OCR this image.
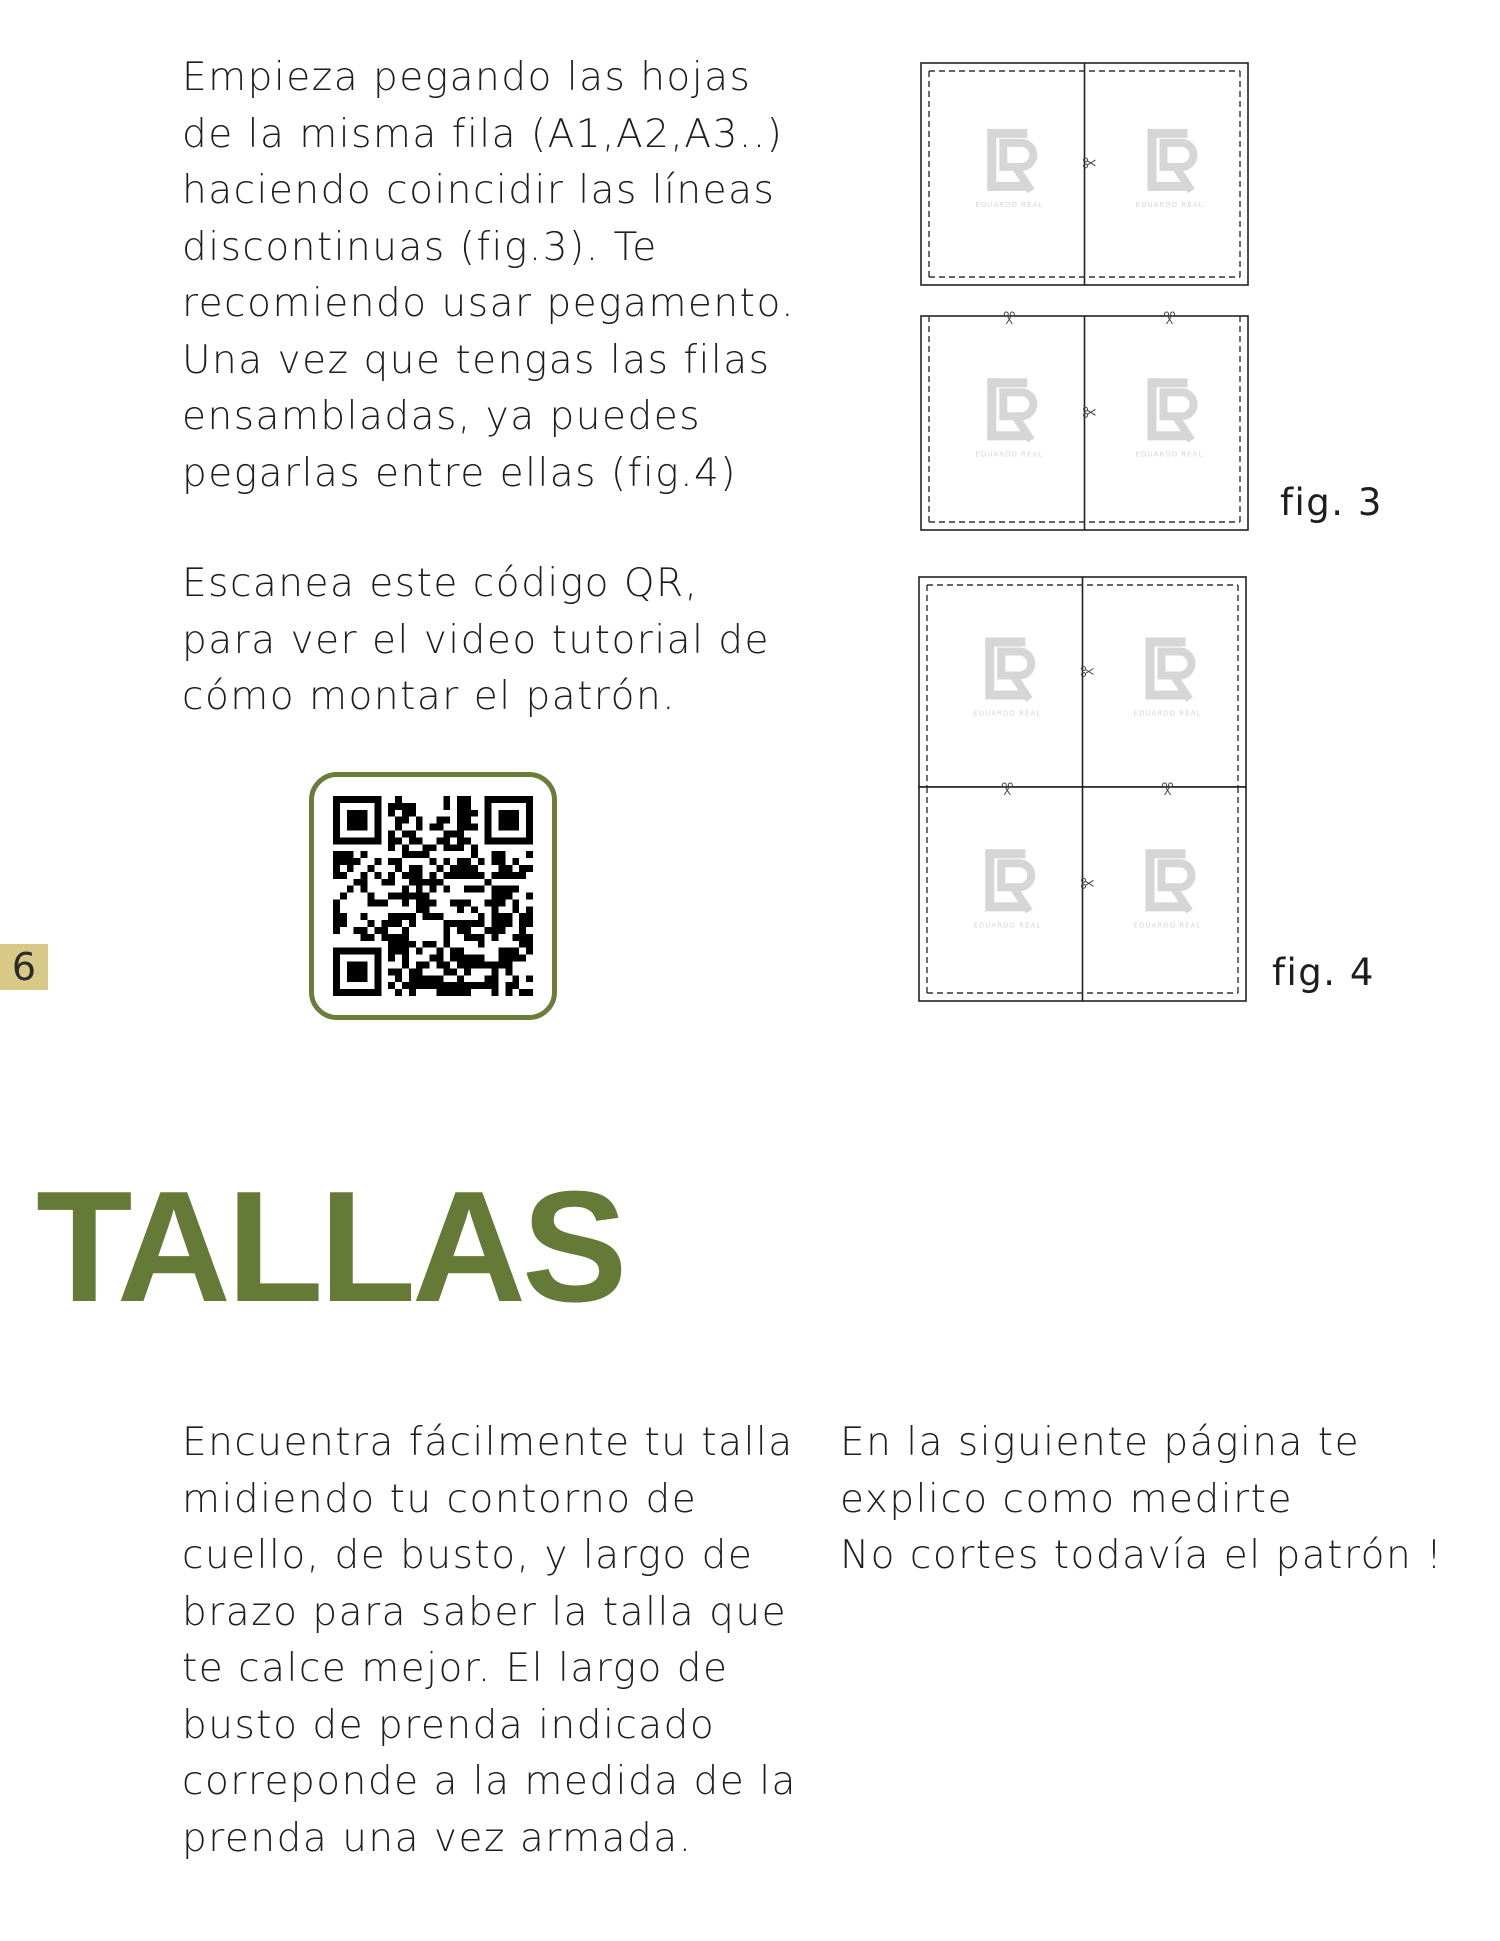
Empieza pegando las hojas
de la misma fila (A1,A2,A3..)
haciendo coincidir las líneas
discontinuas (fig.3). Te
recomiendo usar pegamento.
Una vez que tengas las filas
ensambladas, ya puedes
pegarlas entre ellas (fig.4)

EDUARDO REAL	EDUARDO REAL
EDUARDO REAL	EDUARDO REAL
fig. 3

Escanea este código QR,
para ver el video tutorial de
cómo montar el patrón.	EDUARDO REAL	EDUARDO REAL
EDUARDO REAL	EDUARDO REAL
fig. 4
6
TALLAS

Encuentra fácilmente tu talla
midiendo tu contorno de
cuello, de busto, y largo de
brazo para saber la talla que
te calce mejor. El largo de
busto de prenda indicado
correponde a la medida de la
prenda una vez armada.

En la siguiente página te
explico como medirte
No cortes todavía el patrón !
